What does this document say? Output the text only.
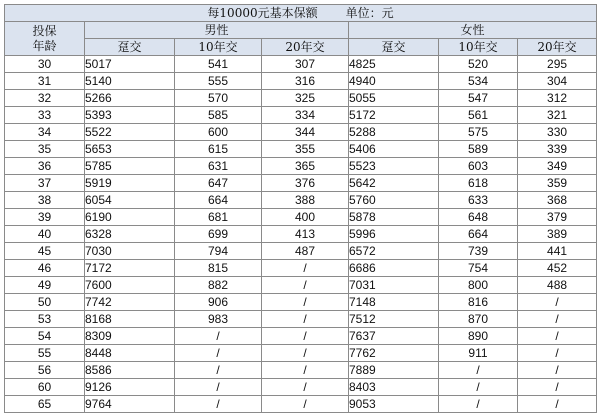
每10000元基本保额 单位：元						

投保
年龄	男性			女性		
	趸交	10年交	20年交	趸交	10年交	20年交
30	5017	541	307	4825	520	295
31	5140	555	316	4940	534	304
32	5266	570	325	5055	547	312
33	5393	585	334	5172	561	321
34	5522	600	344	5288	575	330
35	5653	615	355	5406	589	339
36	5785	631	365	5523	603	349
37	5919	647	376	5642	618	359
38	6054	664	388	5760	633	368
39	6190	681	400	5878	648	379
40	6328	699	413	5996	664	389
45	7030	794	487	6572	739	441
46	7172	815	/	6686	754	452
49	7600	882	/	7031	800	488
50	7742	906	/	7148	816	/
53	8168	983	/	7512	870	/
54	8309	/	/	7637	890	/
55	8448	/	/	7762	911	/
56	8586	/	/	7889	/	/
60	9126	/	/	8403	/	/
65	9764	/	/	9053	/	/
